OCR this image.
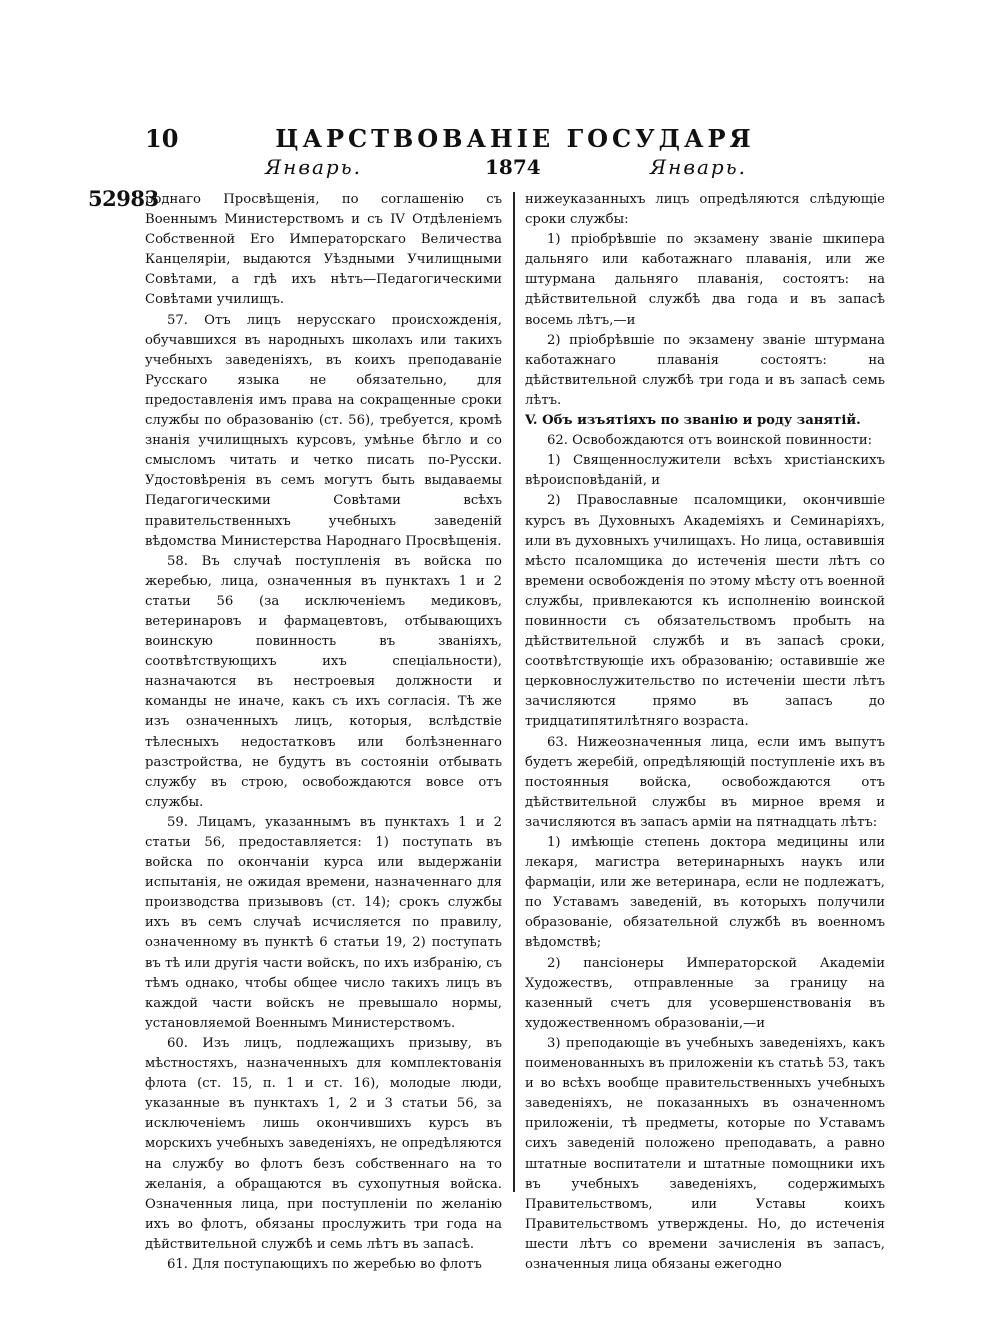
10	ЦАРСТВОВАНІЕ ГОСУДАРЯ
Январь.	1874	Январь.
52983

роднаго Просвѣщенія, по соглашенію съ Военнымъ Министерствомъ и съ IV Отдѣленіемъ Собственной Его Императорскаго Величества Канцеляріи, выдаются Уѣздными Училищными Совѣтами, а гдѣ ихъ нѣтъ—Педагогическими Совѣтами училищъ.

57. Отъ лицъ нерусскаго происхожденія, обучавшихся въ народныхъ школахъ или такихъ учебныхъ заведеніяхъ, въ коихъ преподаваніе Русскаго языка не обязательно, для предоставленія имъ права на сокращенные сроки службы по образованію (ст. 56), требуется, кромѣ знанія училищныхъ курсовъ, умѣнье бѣгло и со смысломъ читать и четко писать по-Русски. Удостовѣренія въ семъ могутъ быть выдаваемы Педагогическими Совѣтами всѣхъ правительственныхъ учебныхъ заведеній вѣдомства Министерства Народнаго Просвѣщенія.

58. Въ случаѣ поступленія въ войска по жеребью, лица, означенныя въ пунктахъ 1 и 2 статьи 56 (за исключеніемъ медиковъ, ветеринаровъ и фармацевтовъ, отбывающихъ воинскую повинность въ званіяхъ, соотвѣтствующихъ ихъ спеціальности), назначаются въ нестроевыя должности и команды не иначе, какъ съ ихъ согласія. Тѣ же изъ означенныхъ лицъ, которыя, вслѣдствіе тѣлесныхъ недостатковъ или болѣзненнаго разстройства, не будутъ въ состояніи отбывать службу въ строю, освобождаются вовсе отъ службы.

59. Лицамъ, указаннымъ въ пунктахъ 1 и 2 статьи 56, предоставляется: 1) поступать въ войска по окончаніи курса или выдержаніи испытанія, не ожидая времени, назначеннаго для производства призывовъ (ст. 14); срокъ службы ихъ въ семъ случаѣ исчисляется по правилу, означенному въ пунктѣ 6 статьи 19, 2) поступать въ тѣ или другія части войскъ, по ихъ избранію, съ тѣмъ однако, чтобы общее число такихъ лицъ въ каждой части войскъ не превышало нормы, установляемой Военнымъ Министерствомъ.

60. Изъ лицъ, подлежащихъ призыву, въ мѣстностяхъ, назначенныхъ для комплектованія флота (ст. 15, п. 1 и ст. 16), молодые люди, указанные въ пунктахъ 1, 2 и 3 статьи 56, за исключеніемъ лишь окончившихъ курсъ въ морскихъ учебныхъ заведеніяхъ, не опредѣляются на службу во флотъ безъ собственнаго на то желанія, а обращаются въ сухопутныя войска. Означенныя лица, при поступленіи по желанію ихъ во флотъ, обязаны прослужить три года на дѣйствительной службѣ и семь лѣтъ въ запасѣ.

61. Для поступающихъ по жеребью во флотъ

нижеуказанныхъ лицъ опредѣляются слѣдующіе сроки службы:

1) пріобрѣвшіе по экзамену званіе шкипера дальняго или каботажнаго плаванія, или же штурмана дальняго плаванія, состоятъ: на дѣйствительной службѣ два года и въ запасѣ восемь лѣтъ,—и

2) пріобрѣвшіе по экзамену званіе штурмана каботажнаго плаванія состоятъ: на дѣйствительной службѣ три года и въ запасѣ семь лѣтъ.

V. Объ изъятіяхъ по званію и роду занятій.

62. Освобождаются отъ воинской повинности:

1) Священнослужители всѣхъ христіанскихъ вѣроисповѣданій, и

2) Православные псаломщики, окончившіе курсъ въ Духовныхъ Академіяхъ и Семинаріяхъ, или въ духовныхъ училищахъ. Но лица, оставившія мѣсто псаломщика до истеченія шести лѣтъ со времени освобожденія по этому мѣсту отъ военной службы, привлекаются къ исполненію воинской повинности съ обязательствомъ пробыть на дѣйствительной службѣ и въ запасѣ сроки, соотвѣтствующіе ихъ образованію; оставившіе же церковнослужительство по истеченіи шести лѣтъ зачисляются прямо въ запасъ до тридцатипятилѣтняго возраста.

63. Нижеозначенныя лица, если имъ выпутъ будетъ жеребій, опредѣляющій поступленіе ихъ въ постоянныя войска, освобождаются отъ дѣйствительной службы въ мирное время и зачисляются въ запасъ арміи на пятнадцать лѣтъ:

1) имѣющіе степень доктора медицины или лекаря, магистра ветеринарныхъ наукъ или фармаціи, или же ветеринара, если не подлежатъ, по Уставамъ заведеній, въ которыхъ получили образованіе, обязательной службѣ въ военномъ вѣдомствѣ;

2) пансіонеры Императорской Академіи Художествъ, отправленные за границу на казенный счетъ для усовершенствованія въ художественномъ образованіи,—и

3) преподающіе въ учебныхъ заведеніяхъ, какъ поименованныхъ въ приложеніи къ статьѣ 53, такъ и во всѣхъ вообще правительственныхъ учебныхъ заведеніяхъ, не показанныхъ въ означенномъ приложеніи, тѣ предметы, которые по Уставамъ сихъ заведеній положено преподавать, а равно штатные воспитатели и штатные помощники ихъ въ учебныхъ заведеніяхъ, содержимыхъ Правительствомъ, или Уставы коихъ Правительствомъ утверждены. Но, до истеченія шести лѣтъ со времени зачисленія въ запасъ, означенныя лица обязаны ежегодно
